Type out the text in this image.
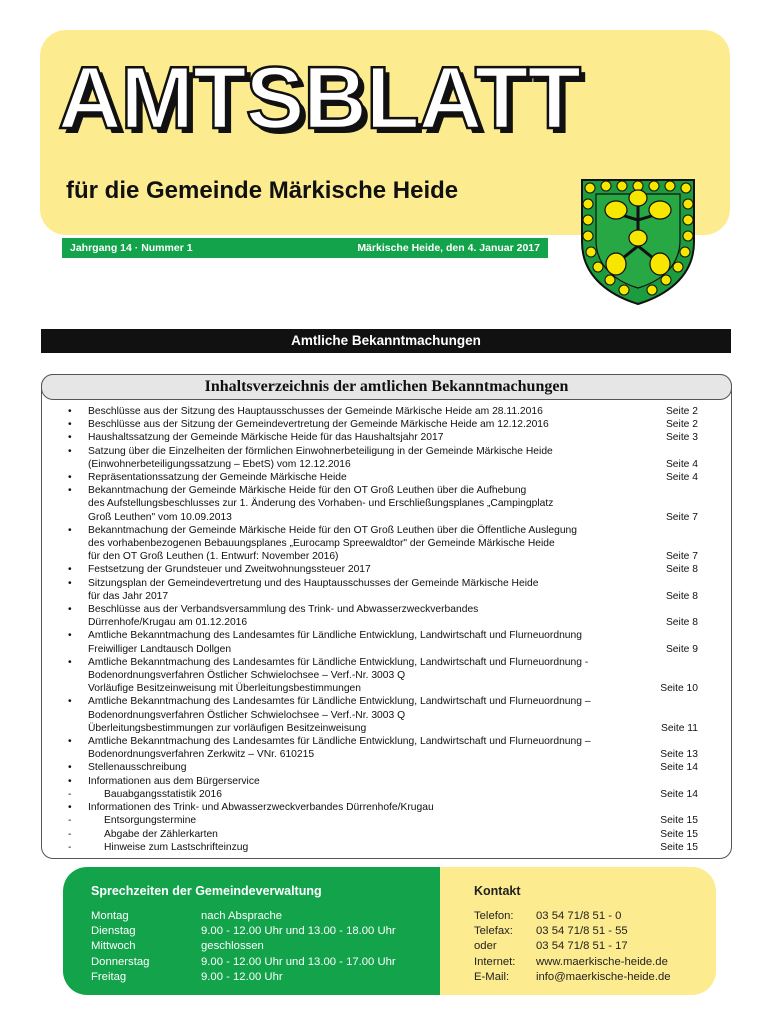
AMTSBLATT
für die Gemeinde Märkische Heide
Jahrgang 14 · Nummer 1	Märkische Heide, den 4. Januar 2017
Amtliche Bekanntmachungen
Inhaltsverzeichnis der amtlichen Bekanntmachungen
• Beschlüsse aus der Sitzung des Hauptausschusses der Gemeinde Märkische Heide am 28.11.2016	Seite 2
• Beschlüsse aus der Sitzung der Gemeindevertretung der Gemeinde Märkische Heide am 12.12.2016	Seite 2
• Haushaltssatzung der Gemeinde Märkische Heide für das Haushaltsjahr 2017	Seite 3
• Satzung über die Einzelheiten der förmlichen Einwohnerbeteiligung in der Gemeinde Märkische Heide
(Einwohnerbeteiligungssatzung – EbetS) vom 12.12.2016	Seite 4
• Repräsentationssatzung der Gemeinde Märkische Heide	Seite 4
• Bekanntmachung der Gemeinde Märkische Heide für den OT Groß Leuthen über die Aufhebung
des Aufstellungsbeschlusses zur 1. Änderung des Vorhaben- und Erschließungsplanes „Campingplatz
Groß Leuthen" vom 10.09.2013	Seite 7
• Bekanntmachung der Gemeinde Märkische Heide für den OT Groß Leuthen über die Öffentliche Auslegung
des vorhabenbezogenen Bebauungsplanes „Eurocamp Spreewaldtor" der Gemeinde Märkische Heide
für den OT Groß Leuthen (1. Entwurf: November 2016)	Seite 7
• Festsetzung der Grundsteuer und Zweitwohnungssteuer 2017	Seite 8
• Sitzungsplan der Gemeindevertretung und des Hauptausschusses der Gemeinde Märkische Heide
für das Jahr 2017	Seite 8
• Beschlüsse aus der Verbandsversammlung des Trink- und Abwasserzweckverbandes
Dürrenhofe/Krugau am 01.12.2016	Seite 8
• Amtliche Bekanntmachung des Landesamtes für Ländliche Entwicklung, Landwirtschaft und Flurneuordnung
Freiwilliger Landtausch Dollgen	Seite 9
• Amtliche Bekanntmachung des Landesamtes für Ländliche Entwicklung, Landwirtschaft und Flurneuordnung -
Bodenordnungsverfahren Östlicher Schwielochsee – Verf.-Nr. 3003 Q
Vorläufige Besitzeinweisung mit Überleitungsbestimmungen	Seite 10
• Amtliche Bekanntmachung des Landesamtes für Ländliche Entwicklung, Landwirtschaft und Flurneuordnung –
Bodenordnungsverfahren Östlicher Schwielochsee – Verf.-Nr. 3003 Q
Überleitungsbestimmungen zur vorläufigen Besitzeinweisung	Seite 11
• Amtliche Bekanntmachung des Landesamtes für Ländliche Entwicklung, Landwirtschaft und Flurneuordnung –
Bodenordnungsverfahren Zerkwitz – VNr. 610215	Seite 13
• Stellenausschreibung	Seite 14
• Informationen aus dem Bürgerservice
-	Bauabgangsstatistik 2016	Seite 14
• Informationen des Trink- und Abwasserzweckverbandes Dürrenhofe/Krugau
-	Entsorgungstermine	Seite 15
-	Abgabe der Zählerkarten	Seite 15
-	Hinweise zum Lastschrifteinzug	Seite 15
Sprechzeiten der Gemeindeverwaltung
Montag	nach Absprache
Dienstag	9.00 - 12.00 Uhr und 13.00 - 18.00 Uhr
Mittwoch	geschlossen
Donnerstag	9.00 - 12.00 Uhr und 13.00 - 17.00 Uhr
Freitag	9.00 - 12.00 Uhr
Kontakt
Telefon: 03 54 71/8 51 - 0
Telefax: 03 54 71/8 51 - 55
oder	03 54 71/8 51 - 17
Internet: www.maerkische-heide.de
E-Mail: info@maerkische-heide.de
